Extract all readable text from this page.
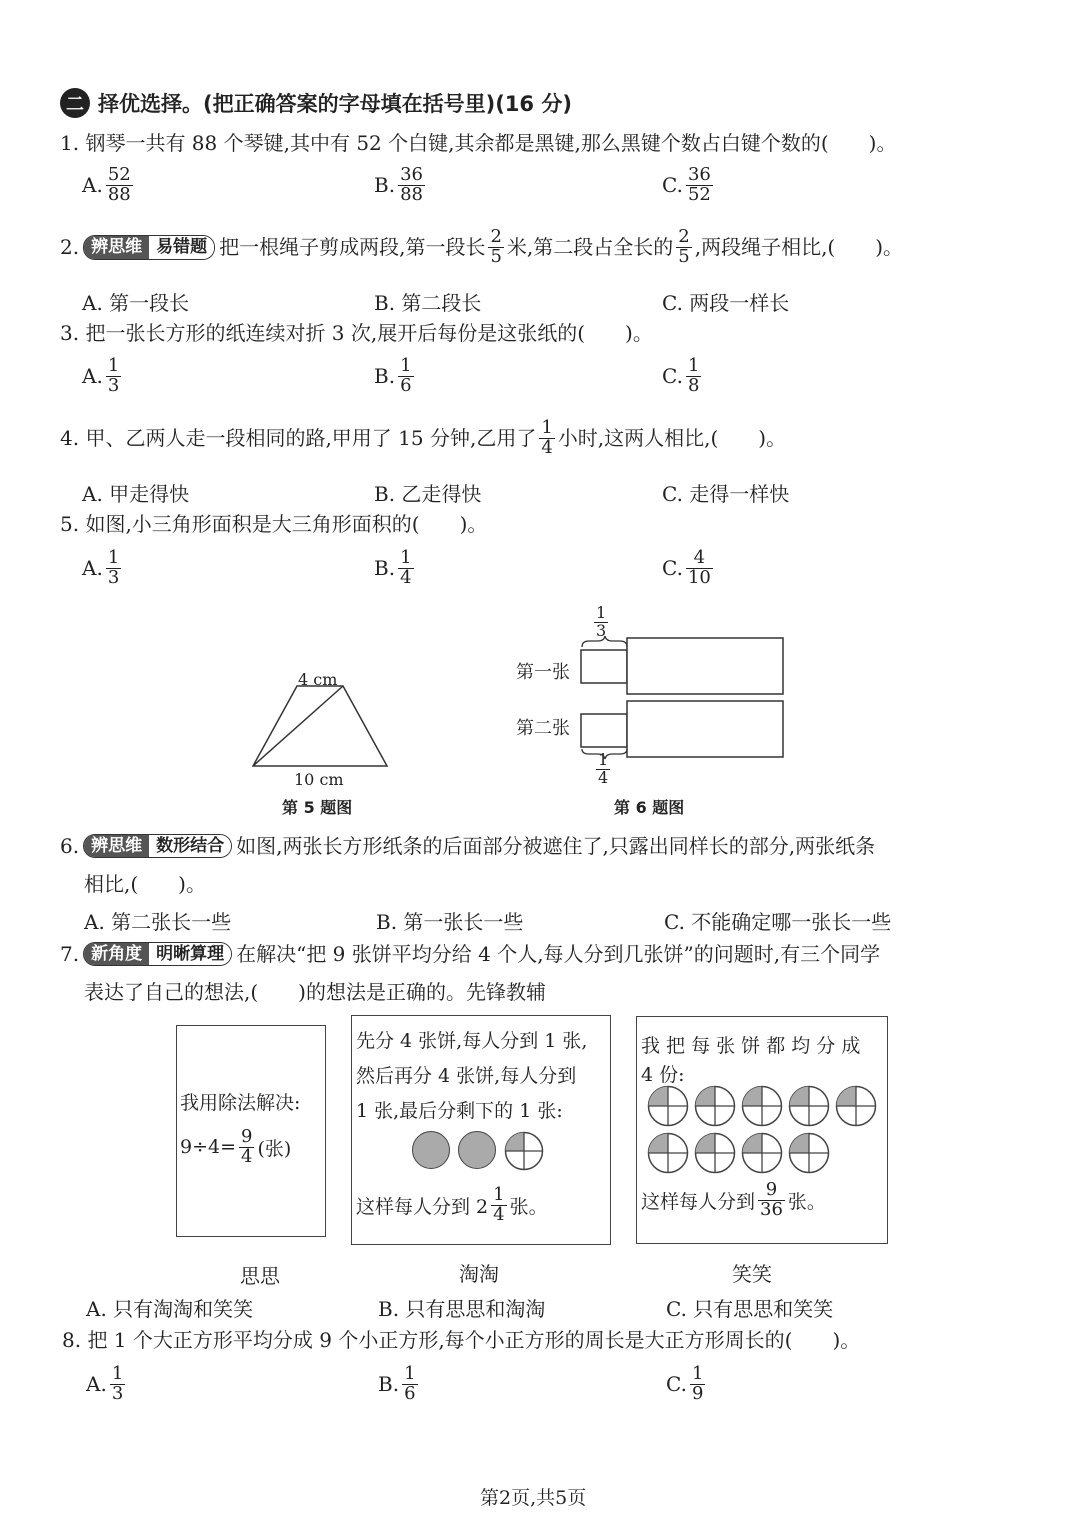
二 择优选择。(把正确答案的字母填在括号里)(16 分)
1. 钢琴一共有 88 个琴键,其中有 52 个白键,其余都是黑键,那么黑键个数占白键个数的(　　)。
A. $\frac{52}{88}$	B. $\frac{36}{88}$	C. $\frac{36}{52}$
2. 辨思维 易错题 把一根绳子剪成两段,第一段长 $\frac{2}{5}$ 米,第二段占全长的 $\frac{2}{5}$ ,两段绳子相比,(　　)。
A. 第一段长	B. 第二段长	C. 两段一样长
3. 把一张长方形的纸连续对折 3 次,展开后每份是这张纸的(　　)。
A. $\frac{1}{3}$	B. $\frac{1}{6}$	C. $\frac{1}{8}$
4. 甲、乙两人走一段相同的路,甲用了 15 分钟,乙用了 $\frac{1}{4}$ 小时,这两人相比,(　　)。
A. 甲走得快	B. 乙走得快	C. 走得一样快
5. 如图,小三角形面积是大三角形面积的(　　)。
A. $\frac{1}{3}$	B. $\frac{1}{4}$	C. $\frac{4}{10}$
4 cm
10 cm
第 5 题图
第一张
第二张
$\frac{1}{3}$
$\frac{1}{4}$
第 6 题图
6. 辨思维 数形结合 如图,两张长方形纸条的后面部分被遮住了,只露出同样长的部分,两张纸条
相比,(　　)。
A. 第二张长一些	B. 第一张长一些	C. 不能确定哪一张长一些
7. 新角度 明晰算理 在解决“把 9 张饼平均分给 4 个人,每人分到几张饼”的问题时,有三个同学
表达了自己的想法,(　　)的想法是正确的。先锋教辅
我用除法解决:
$9\div 4= \frac{9}{4}$ (张)
先分 4 张饼,每人分到 1 张,
然后再分 4 张饼,每人分到
1 张,最后分剩下的 1 张:
这样每人分到 $2 \frac{1}{4}$ 张。
我 把 每 张 饼 都 均 分 成
4 份:
这样每人分到 $\frac{9}{36}$ 张。
思思	淘淘	笑笑
A. 只有淘淘和笑笑	B. 只有思思和淘淘	C. 只有思思和笑笑
8. 把 1 个大正方形平均分成 9 个小正方形,每个小正方形的周长是大正方形周长的(　　)。
A. $\frac{1}{3}$	B. $\frac{1}{6}$	C. $\frac{1}{9}$
第2页,共5页
